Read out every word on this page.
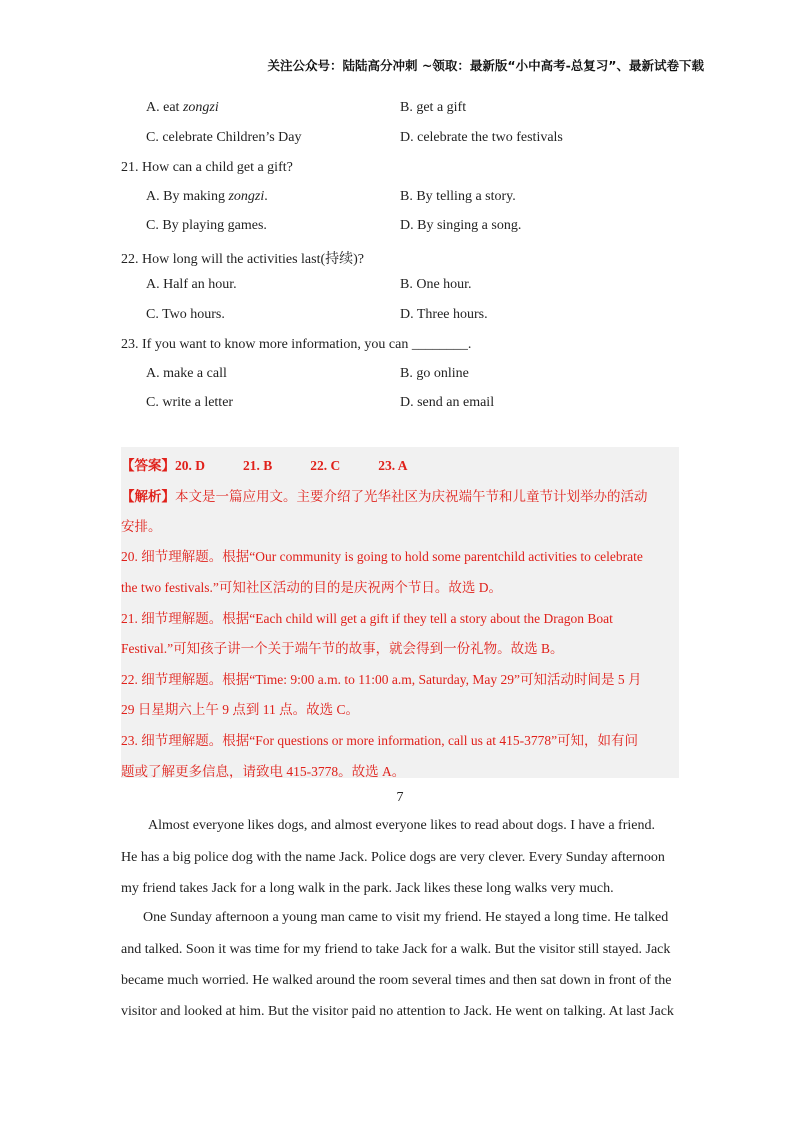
关注公众号：陆陆高分冲刺 ~领取：最新版“小中高考-总复习”、最新试卷下载
A. eat zongzi	B. get a gift
C. celebrate Children’s Day	D. celebrate the two festivals
21. How can a child get a gift?
A. By making zongzi.	B. By telling a story.
C. By playing games.	D. By singing a song.
22. How long will the activities last(持续)?
A. Half an hour.	B. One hour.
C. Two hours.	D. Three hours.
23. If you want to know more information, you can ________.
A. make a call	B. go online
C. write a letter	D. send an email
【答案】20. D	21. B	22. C	23. A
【解析】本文是一篇应用文。主要介绍了光华社区为庆祝端午节和儿童节计划举办的活动
安排。
20. 细节理解题。根据“Our community is going to hold some parentchild activities to celebrate
the two festivals.”可知社区活动的目的是庆祝两个节日。故选 D。
21. 细节理解题。根据“Each child will get a gift if they tell a story about the Dragon Boat
Festival.”可知孩子讲一个关于端午节的故事，就会得到一份礼物。故选 B。
22. 细节理解题。根据“Time: 9:00 a.m. to 11:00 a.m, Saturday, May 29”可知活动时间是 5 月
29 日星期六上午 9 点到 11 点。故选 C。
23. 细节理解题。根据“For questions or more information, call us at 415-3778”可知，如有问
题或了解更多信息，请致电 415-3778。故选 A。
7
Almost everyone likes dogs, and almost everyone likes to read about dogs. I have a friend.
He has a big police dog with the name Jack. Police dogs are very clever. Every Sunday afternoon
my friend takes Jack for a long walk in the park. Jack likes these long walks very much.
One Sunday afternoon a young man came to visit my friend. He stayed a long time. He talked
and talked. Soon it was time for my friend to take Jack for a walk. But the visitor still stayed. Jack
became much worried. He walked around the room several times and then sat down in front of the
visitor and looked at him. But the visitor paid no attention to Jack. He went on talking. At last Jack
